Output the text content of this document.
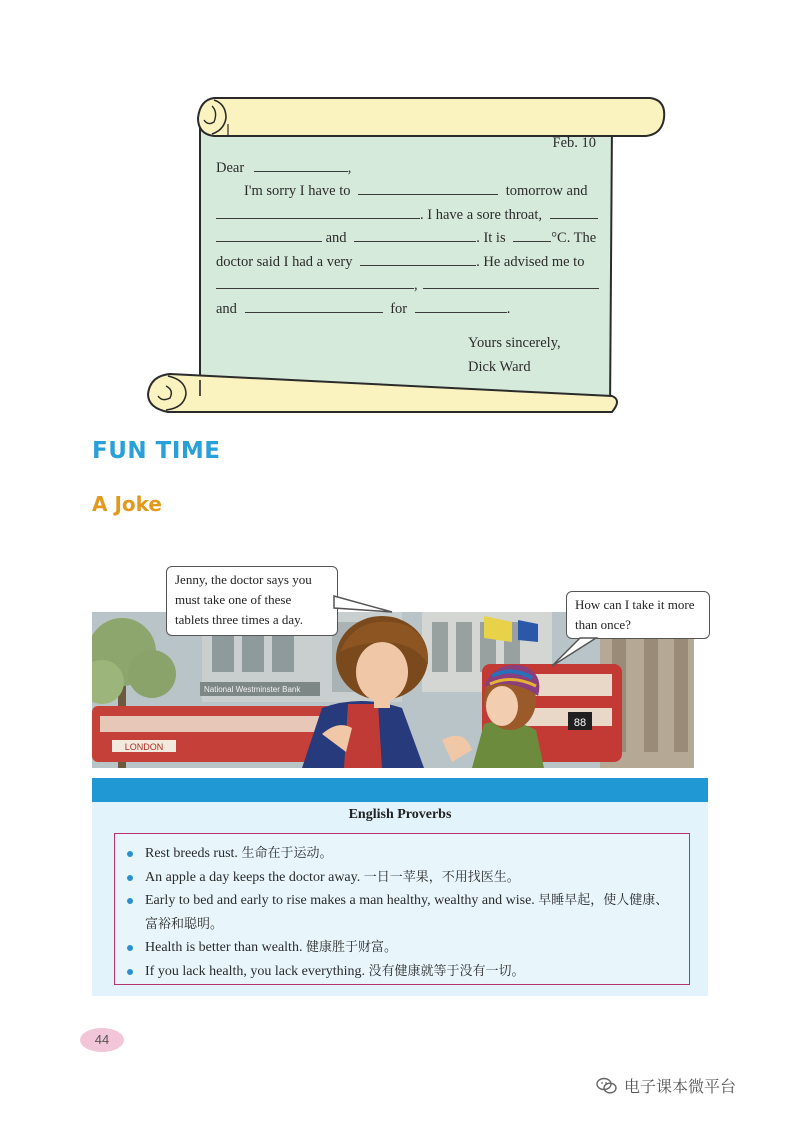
Feb. 10
Dear	,
I'm sorry I have to	tomorrow and
. I have a sore throat,
and	. It is	°C. The
doctor said I had a very	. He advised me to
,
and	for	.
Yours sincerely,
Dick Ward
FUN TIME
A Joke
LONDON
National Westminster Bank
88
Jenny, the doctor says you
must take one of these
tablets three times a day.
How can I take it more
than once?
English Proverbs
Rest breeds rust. 生命在于运动。
An apple a day keeps the doctor away. 一日一苹果，不用找医生。
Early to bed and early to rise makes a man healthy, wealthy and wise. 早睡早起，使人健康、富裕和聪明。
Health is better than wealth. 健康胜于财富。
If you lack health, you lack everything. 没有健康就等于没有一切。
44
电子课本微平台
